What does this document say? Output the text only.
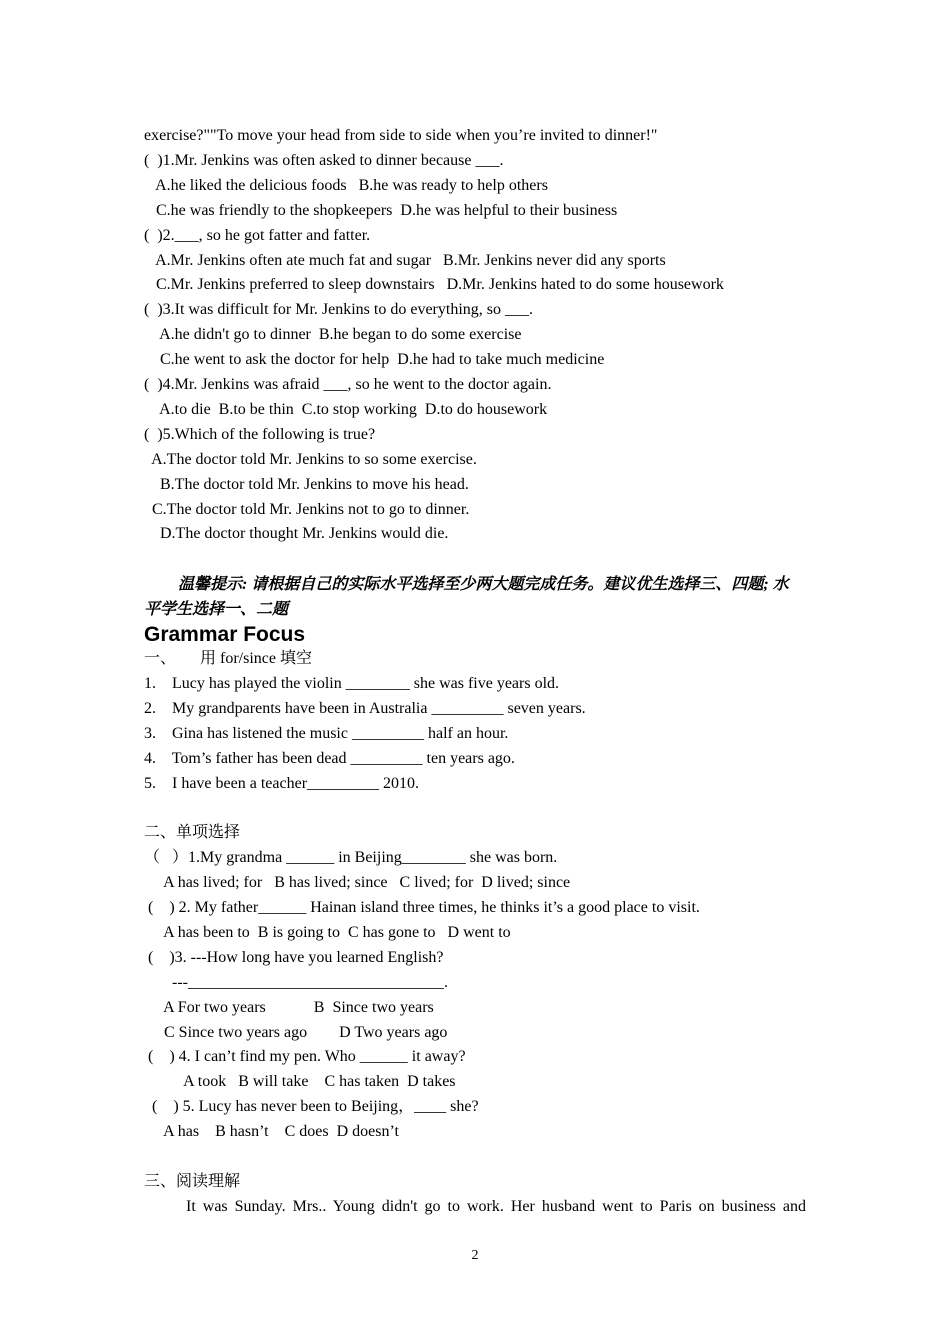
exercise?""To move your head from side to side when you’re invited to dinner!"
(  )1.Mr. Jenkins was often asked to dinner because ___.
A.he liked the delicious foods   B.he was ready to help others
C.he was friendly to the shopkeepers  D.he was helpful to their business
(  )2.___, so he got fatter and fatter.
A.Mr. Jenkins often ate much fat and sugar   B.Mr. Jenkins never did any sports
C.Mr. Jenkins preferred to sleep downstairs   D.Mr. Jenkins hated to do some housework
(  )3.It was difficult for Mr. Jenkins to do everything, so ___.
A.he didn't go to dinner  B.he began to do some exercise
C.he went to ask the doctor for help  D.he had to take much medicine
(  )4.Mr. Jenkins was afraid ___, so he went to the doctor again.
A.to die  B.to be thin  C.to stop working  D.to do housework
(  )5.Which of the following is true?
A.The doctor told Mr. Jenkins to so some exercise.
B.The doctor told Mr. Jenkins to move his head.
C.The doctor told Mr. Jenkins not to go to dinner.
D.The doctor thought Mr. Jenkins would die.
温馨提示: 请根据自己的实际水平选择至少两大题完成任务。建议优生选择三、四题; 水
平学生选择一、二题
Grammar Focus
一、      用 for/since 填空
1.    Lucy has played the violin ________ she was five years old.
2.    My grandparents have been in Australia _________ seven years.
3.    Gina has listened the music _________ half an hour.
4.    Tom’s father has been dead _________ ten years ago.
5.    I have been a teacher_________ 2010.
二、单项选择
（   ）1.My grandma ______ in Beijing________ she was born.
A has lived; for   B has lived; since   C lived; for  D lived; since
(    ) 2. My father______ Hainan island three times, he thinks it’s a good place to visit.
A has been to  B is going to  C has gone to   D went to
(    )3. ---How long have you learned English?
---________________________________.
A For two years            B  Since two years
C Since two years ago        D Two years ago
(    ) 4. I can’t find my pen. Who ______ it away?
A took   B will take    C has taken  D takes
(    ) 5. Lucy has never been to Beijing，____ she?
A has    B hasn’t    C does  D doesn’t
三、阅读理解
It was Sunday. Mrs.. Young didn't go to work. Her husband went to Paris on business and
2
